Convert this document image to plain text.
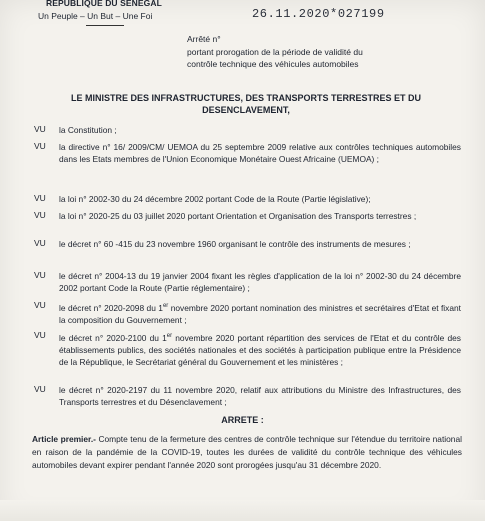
REPUBLIQUE DU SENEGAL
Un Peuple – Un But – Une Foi	26.11.2020*027199
Arrêté n°
portant prorogation de la période de validité du
contrôle technique des véhicules automobiles
LE MINISTRE DES INFRASTRUCTURES, DES TRANSPORTS TERRESTRES ET DU
DESENCLAVEMENT,
VU la Constitution ;
VU la directive n° 16/ 2009/CM/ UEMOA du 25 septembre 2009 relative aux contrôles techniques automobiles dans les Etats membres de l'Union Economique Monétaire Ouest Africaine (UEMOA) ;
VU la loi n° 2002-30 du 24 décembre 2002 portant Code de la Route (Partie législative);
VU la loi n° 2020-25 du 03 juillet 2020 portant Orientation et Organisation des Transports terrestres ;
VU le décret n° 60 -415 du 23 novembre 1960 organisant le contrôle des instruments de mesures ;
VU le décret n° 2004-13 du 19 janvier 2004 fixant les règles d'application de la loi n° 2002-30 du 24 décembre 2002 portant Code la Route (Partie réglementaire) ;
VU le décret n° 2020-2098 du 1er novembre 2020 portant nomination des ministres et secrétaires d'Etat et fixant la composition du Gouvernement ;
VU le décret n° 2020-2100 du 1er novembre 2020 portant répartition des services de l'Etat et du contrôle des établissements publics, des sociétés nationales et des sociétés à participation publique entre la Présidence de la République, le Secrétariat général du Gouvernement et les ministères ;
VU le décret n° 2020-2197 du 11 novembre 2020, relatif aux attributions du Ministre des Infrastructures, des Transports terrestres et du Désenclavement ;
ARRETE :
Article premier.- Compte tenu de la fermeture des centres de contrôle technique sur l'étendue du territoire national en raison de la pandémie de la COVID-19, toutes les durées de validité du contrôle technique des véhicules automobiles devant expirer pendant l'année 2020 sont prorogées jusqu'au 31 décembre 2020.
